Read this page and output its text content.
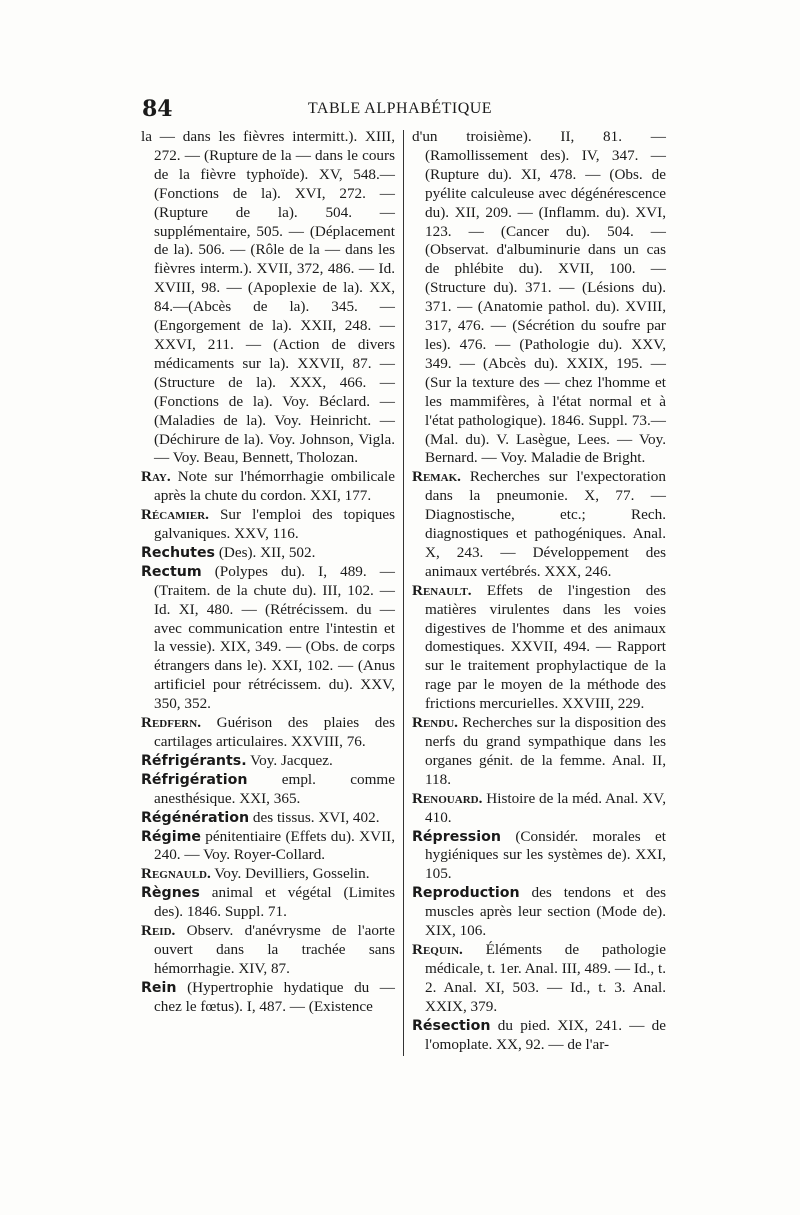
84	TABLE ALPHABÉTIQUE

la — dans les fièvres intermitt.). XIII, 272. — (Rupture de la — dans le cours de la fièvre typhoïde). XV, 548.—(Fonctions de la). XVI, 272. — (Rupture de la). 504. — supplémentaire, 505. — (Déplacement de la). 506. — (Rôle de la — dans les fièvres interm.). XVII, 372, 486. — Id. XVIII, 98. — (Apoplexie de la). XX, 84.—(Abcès de la). 345. — (Engorgement de la). XXII, 248. — XXVI, 211. — (Action de divers médicaments sur la). XXVII, 87. — (Structure de la). XXX, 466. — (Fonctions de la). Voy. Béclard. — (Maladies de la). Voy. Heinricht. — (Déchirure de la). Voy. Johnson, Vigla. — Voy. Beau, Bennett, Tholozan.

Ray. Note sur l'hémorrhagie ombilicale après la chute du cordon. XXI, 177.

Récamier. Sur l'emploi des topiques galvaniques. XXV, 116.

Rechutes (Des). XII, 502.

Rectum (Polypes du). I, 489. — (Traitem. de la chute du). III, 102. — Id. XI, 480. — (Rétrécissem. du — avec communication entre l'intestin et la vessie). XIX, 349. — (Obs. de corps étrangers dans le). XXI, 102. — (Anus artificiel pour rétrécissem. du). XXV, 350, 352.

Redfern. Guérison des plaies des cartilages articulaires. XXVIII, 76.

Réfrigérants. Voy. Jacquez.

Réfrigération empl. comme anesthésique. XXI, 365.

Régénération des tissus. XVI, 402.

Régime pénitentiaire (Effets du). XVII, 240. — Voy. Royer-Collard.

Regnauld. Voy. Devilliers, Gosselin.

Règnes animal et végétal (Limites des). 1846. Suppl. 71.

Reid. Observ. d'anévrysme de l'aorte ouvert dans la trachée sans hémorrhagie. XIV, 87.

Rein (Hypertrophie hydatique du — chez le fœtus). I, 487. — (Existence

d'un troisième). II, 81. — (Ramollissement des). IV, 347. — (Rupture du). XI, 478. — (Obs. de pyélite calculeuse avec dégénérescence du). XII, 209. — (Inflamm. du). XVI, 123. — (Cancer du). 504. — (Observat. d'albuminurie dans un cas de phlébite du). XVII, 100. — (Structure du). 371. — (Lésions du). 371. — (Anatomie pathol. du). XVIII, 317, 476. — (Sécrétion du soufre par les). 476. — (Pathologie du). XXV, 349. — (Abcès du). XXIX, 195. — (Sur la texture des — chez l'homme et les mammifères, à l'état normal et à l'état pathologique). 1846. Suppl. 73.—(Mal. du). V. Lasègue, Lees. — Voy. Bernard. — Voy. Maladie de Bright.

Remak. Recherches sur l'expectoration dans la pneumonie. X, 77. — Diagnostische, etc.; Rech. diagnostiques et pathogéniques. Anal. X, 243. — Développement des animaux vertébrés. XXX, 246.

Renault. Effets de l'ingestion des matières virulentes dans les voies digestives de l'homme et des animaux domestiques. XXVII, 494. — Rapport sur le traitement prophylactique de la rage par le moyen de la méthode des frictions mercurielles. XXVIII, 229.

Rendu. Recherches sur la disposition des nerfs du grand sympathique dans les organes génit. de la femme. Anal. II, 118.

Renouard. Histoire de la méd. Anal. XV, 410.

Répression (Considér. morales et hygiéniques sur les systèmes de). XXI, 105.

Reproduction des tendons et des muscles après leur section (Mode de). XIX, 106.

Requin. Éléments de pathologie médicale, t. 1er. Anal. III, 489. — Id., t. 2. Anal. XI, 503. — Id., t. 3. Anal. XXIX, 379.

Résection du pied. XIX, 241. — de l'omoplate. XX, 92. — de l'ar-
